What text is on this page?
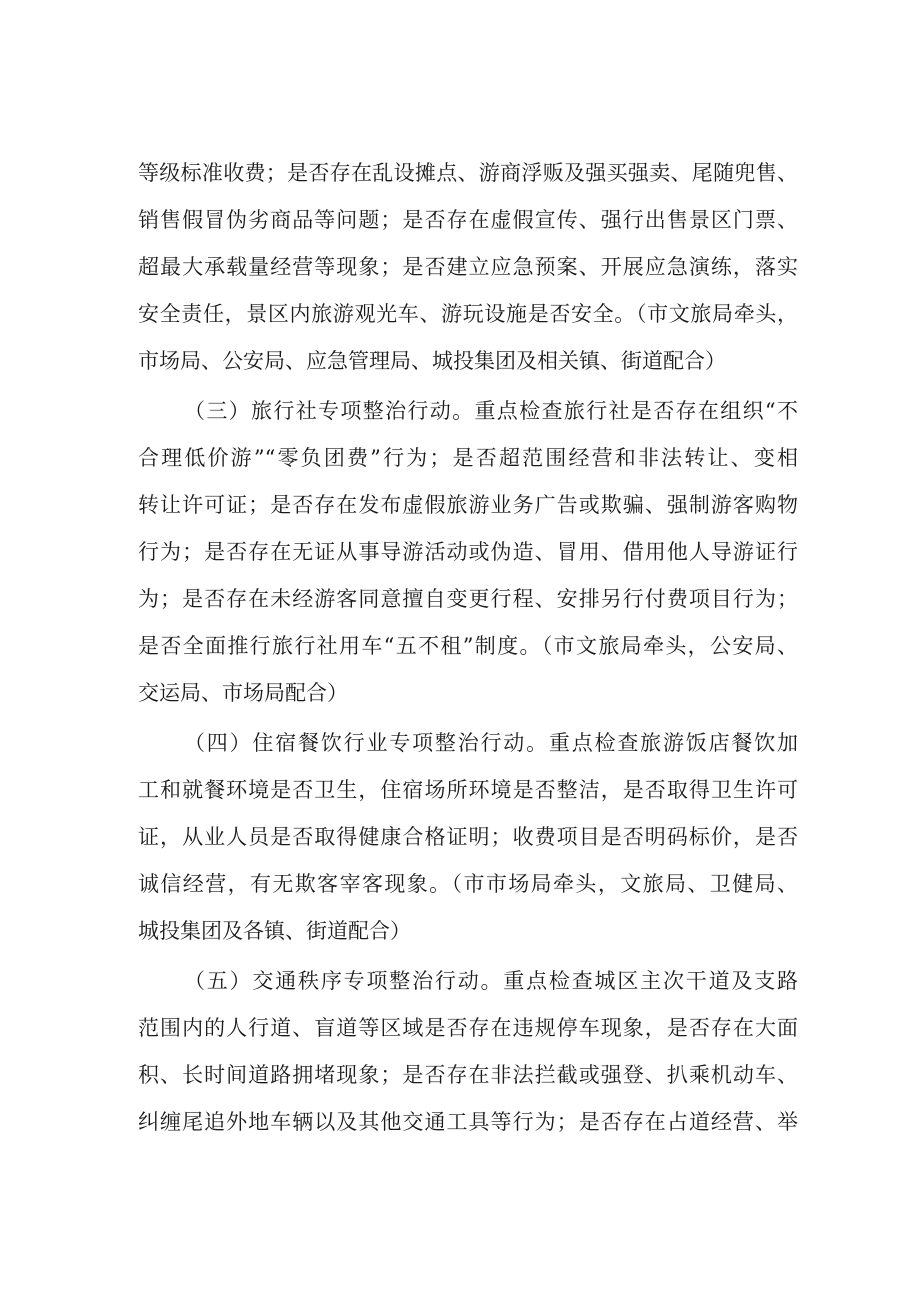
等级标准收费；是否存在乱设摊点、游商浮贩及强买强卖、尾随兜售、
销售假冒伪劣商品等问题；是否存在虚假宣传、强行出售景区门票、
超最大承载量经营等现象；是否建立应急预案、开展应急演练，落实
安全责任，景区内旅游观光车、游玩设施是否安全。（市文旅局牵头，
市场局、公安局、应急管理局、城投集团及相关镇、街道配合）
（三）旅行社专项整治行动。重点检查旅行社是否存在组织“不
合理低价游”“零负团费”行为；是否超范围经营和非法转让、变相
转让许可证；是否存在发布虚假旅游业务广告或欺骗、强制游客购物
行为；是否存在无证从事导游活动或伪造、冒用、借用他人导游证行
为；是否存在未经游客同意擅自变更行程、安排另行付费项目行为；
是否全面推行旅行社用车“五不租”制度。（市文旅局牵头，公安局、
交运局、市场局配合）
（四）住宿餐饮行业专项整治行动。重点检查旅游饭店餐饮加
工和就餐环境是否卫生，住宿场所环境是否整洁，是否取得卫生许可
证，从业人员是否取得健康合格证明；收费项目是否明码标价，是否
诚信经营，有无欺客宰客现象。（市市场局牵头，文旅局、卫健局、
城投集团及各镇、街道配合）
（五）交通秩序专项整治行动。重点检查城区主次干道及支路
范围内的人行道、盲道等区域是否存在违规停车现象，是否存在大面
积、长时间道路拥堵现象；是否存在非法拦截或强登、扒乘机动车、
纠缠尾追外地车辆以及其他交通工具等行为；是否存在占道经营、举
